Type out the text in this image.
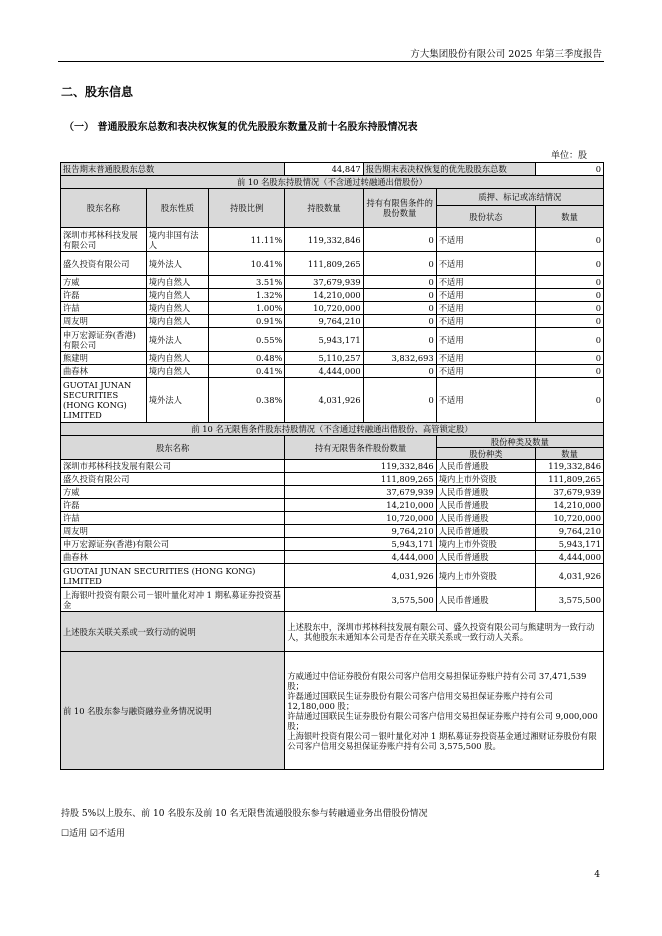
方大集团股份有限公司 2025 年第三季度报告
二、股东信息
（一） 普通股股东总数和表决权恢复的优先股股东数量及前十名股东持股情况表
单位：股
报告期末普通股股东总数			44,847	报告期末表决权恢复的优先股股东总数		0
前 10 名股东持股情况（不含通过转融通出借股份）						
股东名称	股东性质	持股比例	持股数量	持有有限售条件的股份数量	质押、标记或冻结情况	
					股份状态	数量
深圳市邦林科技发展有限公司	境内非国有法人	11.11%	119,332,846	0	不适用	0
盛久投资有限公司	境外法人	10.41%	111,809,265	0	不适用	0
方威	境内自然人	3.51%	37,679,939	0	不适用	0
许磊	境内自然人	1.32%	14,210,000	0	不适用	0
许喆	境内自然人	1.00%	10,720,000	0	不适用	0
周友明	境内自然人	0.91%	9,764,210	0	不适用	0
申万宏源证券(香港)有限公司	境外法人	0.55%	5,943,171	0	不适用	0
熊建明	境内自然人	0.48%	5,110,257	3,832,693	不适用	0
曲春林	境内自然人	0.41%	4,444,000	0	不适用	0
GUOTAI JUNAN SECURITIES (HONG KONG) LIMITED	境外法人	0.38%	4,031,926	0	不适用	0
前 10 名无限售条件股东持股情况（不含通过转融通出借股份、高管锁定股）						
股东名称			持有无限售条件股份数量		股份种类及数量	
					股份种类	数量
深圳市邦林科技发展有限公司			119,332,846		人民币普通股	119,332,846
盛久投资有限公司			111,809,265		境内上市外资股	111,809,265
方威			37,679,939		人民币普通股	37,679,939
许磊			14,210,000		人民币普通股	14,210,000
许喆			10,720,000		人民币普通股	10,720,000
周友明			9,764,210		人民币普通股	9,764,210
申万宏源证券(香港)有限公司			5,943,171		境内上市外资股	5,943,171
曲春林			4,444,000		人民币普通股	4,444,000
GUOTAI JUNAN SECURITIES (HONG KONG) LIMITED			4,031,926		境内上市外资股	4,031,926
上海银叶投资有限公司－银叶量化对冲 1 期私募证券投资基金			3,575,500		人民币普通股	3,575,500
上述股东关联关系或一致行动的说明			上述股东中，深圳市邦林科技发展有限公司、盛久投资有限公司与熊建明为一致行动人，其他股东未通知本公司是否存在关联关系或一致行动人关系。			
前 10 名股东参与融资融券业务情况说明			方威通过中信证券股份有限公司客户信用交易担保证券账户持有公司 37,471,539 股；
许磊通过国联民生证券股份有限公司客户信用交易担保证券账户持有公司 12,180,000 股；
许喆通过国联民生证券股份有限公司客户信用交易担保证券账户持有公司 9,000,000 股；
上海银叶投资有限公司－银叶量化对冲 1 期私募证券投资基金通过湘财证券股份有限公司客户信用交易担保证券账户持有公司 3,575,500 股。			
持股 5%以上股东、前 10 名股东及前 10 名无限售流通股股东参与转融通业务出借股份情况
☐适用 ☑不适用
4
